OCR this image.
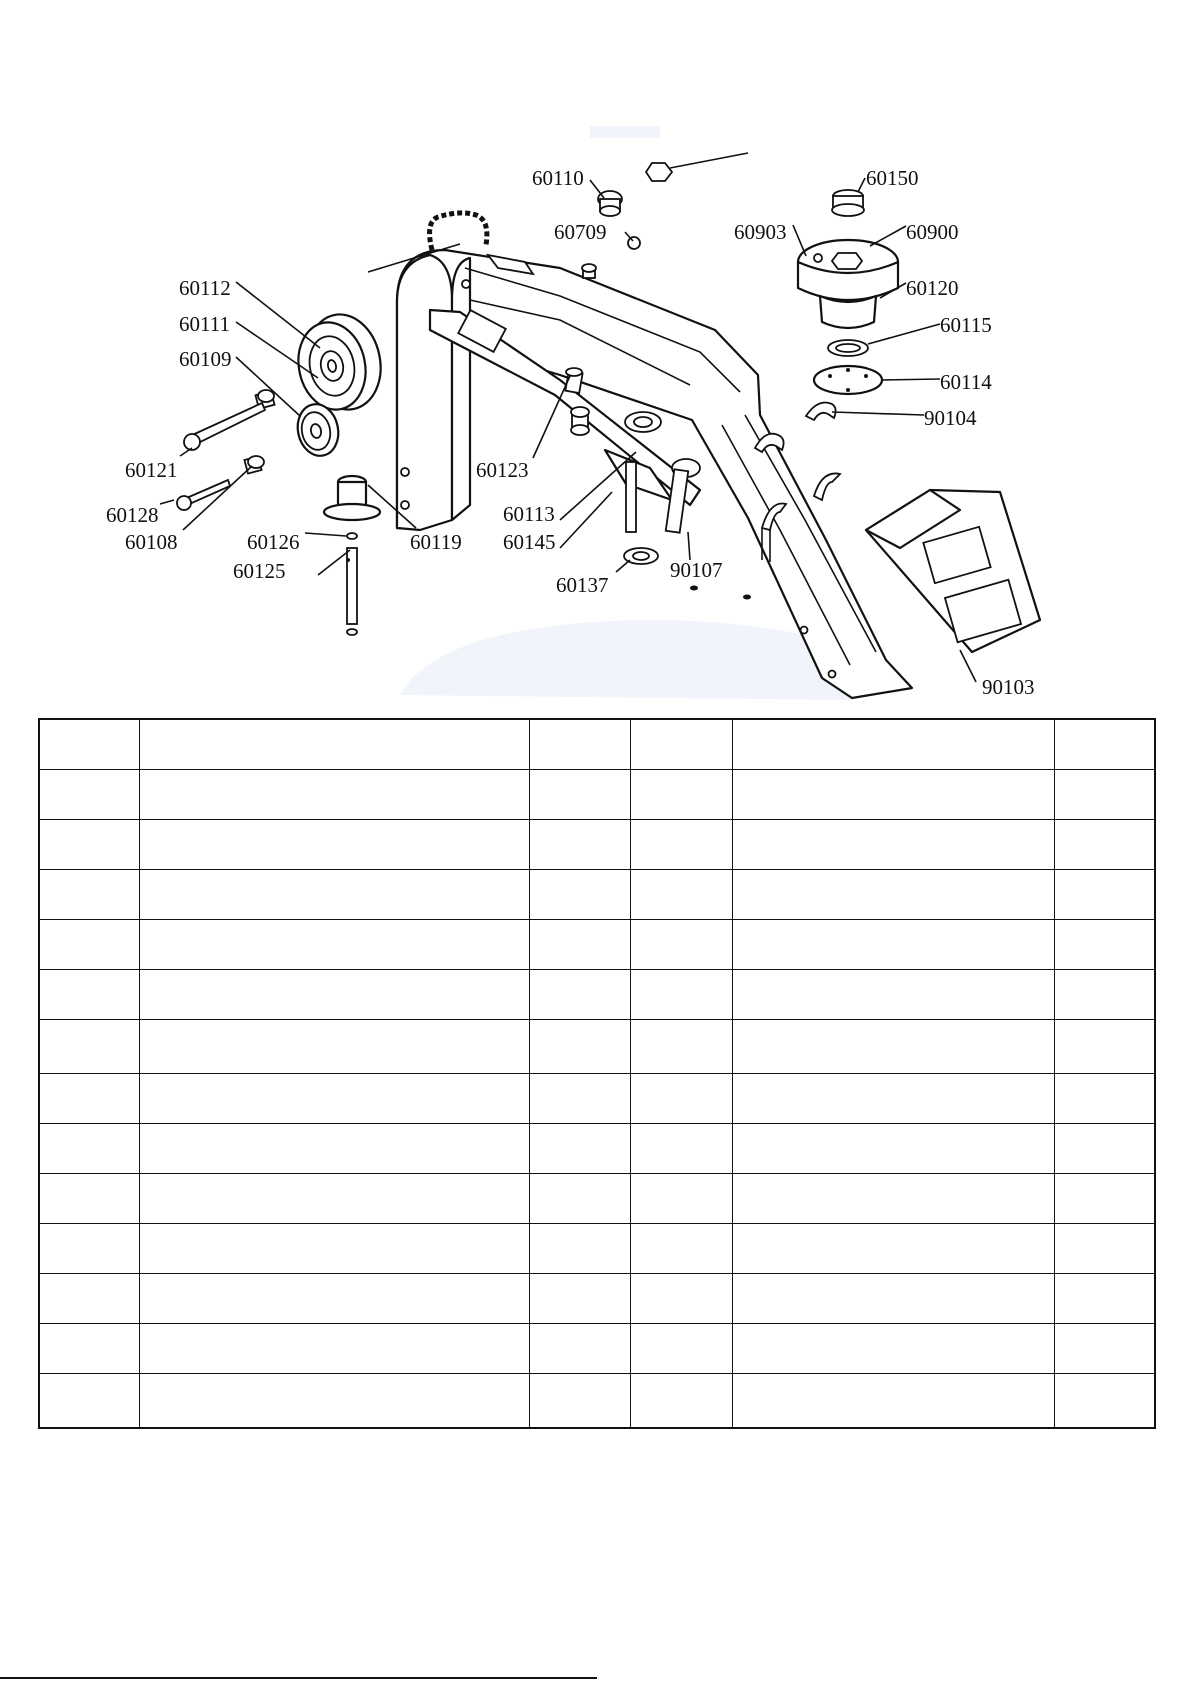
60110
60709
60150
60903	60900
60120
60115
60114
90104
60112
60111
60109
60121
60128
60108	60126
60125
60119
60123
60113
60145
60137
90107
90103
